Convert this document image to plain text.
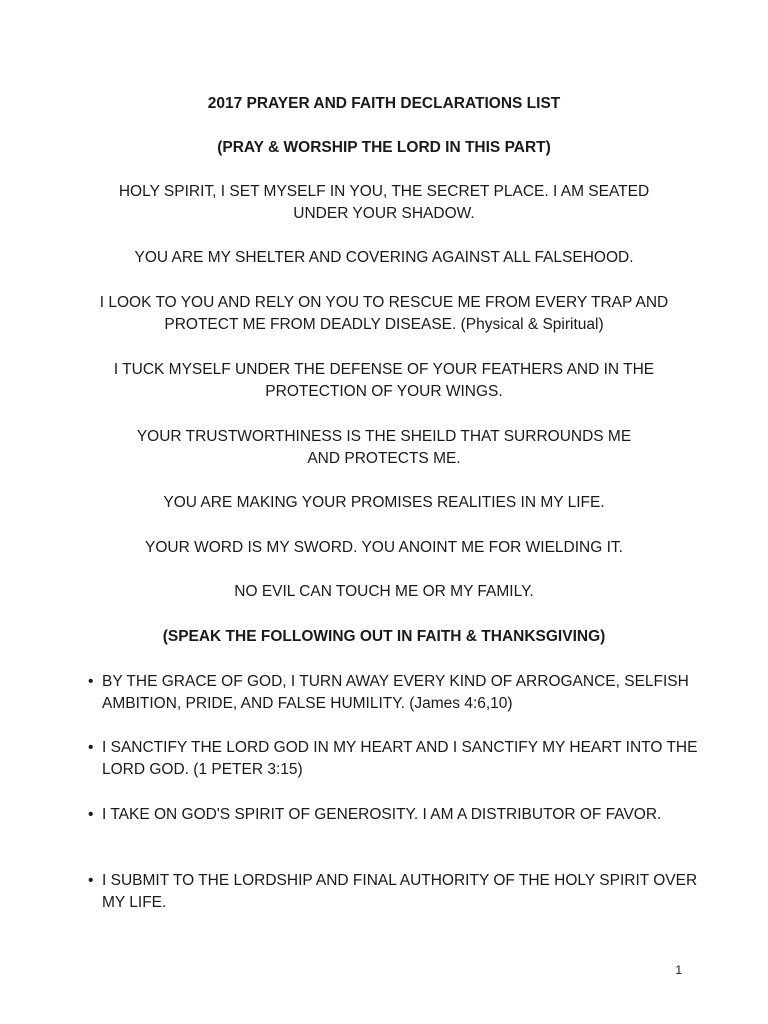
2017 PRAYER AND FAITH DECLARATIONS LIST
(PRAY & WORSHIP THE LORD IN THIS PART)

HOLY SPIRIT, I SET MYSELF IN YOU, THE SECRET PLACE. I AM SEATED UNDER YOUR SHADOW.

YOU ARE MY SHELTER AND COVERING AGAINST ALL FALSEHOOD.

I LOOK TO YOU AND RELY ON YOU TO RESCUE ME FROM EVERY TRAP AND PROTECT ME FROM DEADLY DISEASE. (Physical & Spiritual)

I TUCK MYSELF UNDER THE DEFENSE OF YOUR FEATHERS AND IN THE PROTECTION OF YOUR WINGS.

YOUR TRUSTWORTHINESS IS THE SHEILD THAT SURROUNDS ME AND PROTECTS ME.

YOU ARE MAKING YOUR PROMISES REALITIES IN MY LIFE.

YOUR WORD IS MY SWORD. YOU ANOINT ME FOR WIELDING IT.

NO EVIL CAN TOUCH ME OR MY FAMILY.

(SPEAK THE FOLLOWING OUT IN FAITH & THANKSGIVING)

• BY THE GRACE OF GOD, I TURN AWAY EVERY KIND OF ARROGANCE, SELFISH AMBITION, PRIDE, AND FALSE HUMILITY. (James 4:6,10)

• I SANCTIFY THE LORD GOD IN MY HEART AND I SANCTIFY MY HEART INTO THE LORD GOD. (1 PETER 3:15)

• I TAKE ON GOD'S SPIRIT OF GENEROSITY. I AM A DISTRIBUTOR OF FAVOR.

• I SUBMIT TO THE LORDSHIP AND FINAL AUTHORITY OF THE HOLY SPIRIT OVER MY LIFE.

1
